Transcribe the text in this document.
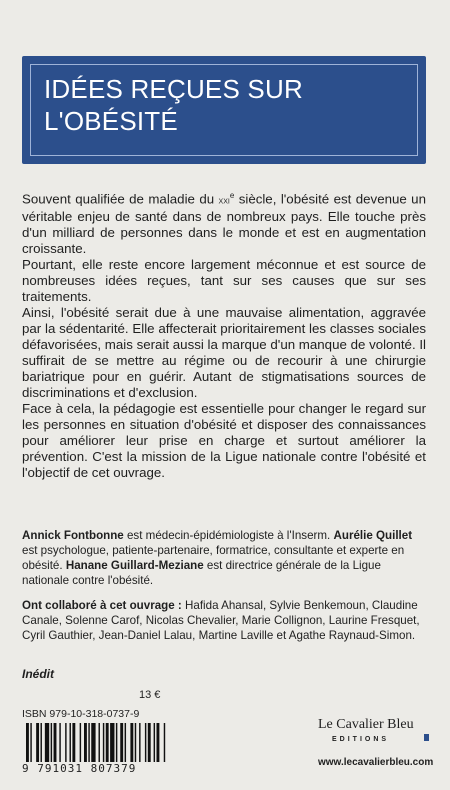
IDÉES REÇUES SUR
L'OBÉSITÉ

Souvent qualifiée de maladie du xxi$^e$ siècle, l'obésité est devenue un véritable enjeu de santé dans de nombreux pays. Elle touche près d'un milliard de personnes dans le monde et est en augmentation croissante.

Pourtant, elle reste encore largement méconnue et est source de nombreuses idées reçues, tant sur ses causes que sur ses traitements.

Ainsi, l'obésité serait due à une mauvaise alimentation, aggravée par la sédentarité. Elle affecterait prioritairement les classes sociales défavorisées, mais serait aussi la marque d'un manque de volonté. Il suffirait de se mettre au régime ou de recourir à une chirurgie bariatrique pour en guérir. Autant de stigmatisations sources de discriminations et d'exclusion.

Face à cela, la pédagogie est essentielle pour changer le regard sur les personnes en situation d'obésité et disposer des connaissances pour améliorer leur prise en charge et surtout améliorer la prévention. C'est la mission de la Ligue nationale contre l'obésité et l'objectif de cet ouvrage.

Annick Fontbonne est médecin-épidémiologiste à l'Inserm. Aurélie Quillet est psychologue, patiente-partenaire, formatrice, consultante et experte en obésité. Hanane Guillard-Meziane est directrice générale de la Ligue nationale contre l'obésité.

Ont collaboré à cet ouvrage : Hafida Ahansal, Sylvie Benkemoun, Claudine Canale, Solenne Carof, Nicolas Chevalier, Marie Collignon, Laurine Fresquet, Cyril Gauthier, Jean-Daniel Lalau, Martine Laville et Agathe Raynaud-Simon.

Inédit
13 €
ISBN 979-10-318-0737-9
9 791031 807379
Le Cavalier Bleu
EDITIONS
www.lecavalierbleu.com
